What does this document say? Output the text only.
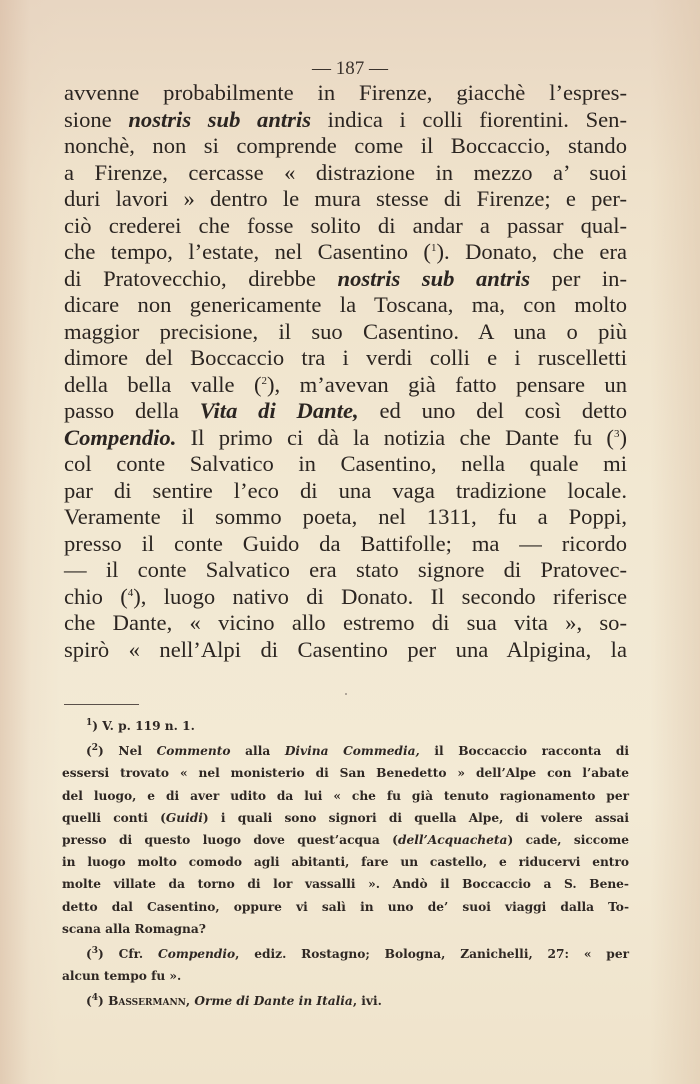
— 187 —
avvenne probabilmente in Firenze, giacchè l’espres-
sione nostris sub antris indica i colli fiorentini. Sen-
nonchè, non si comprende come il Boccaccio, stando
a Firenze, cercasse « distrazione in mezzo a’ suoi
duri lavori » dentro le mura stesse di Firenze; e per-
ciò crederei che fosse solito di andar a passar qual-
che tempo, l’estate, nel Casentino ($^1$). Donato, che era
di Pratovecchio, direbbe nostris sub antris per in-
dicare non genericamente la Toscana, ma, con molto
maggior precisione, il suo Casentino. A una o più
dimore del Boccaccio tra i verdi colli e i ruscelletti
della bella valle ($^2$), m’avevan già fatto pensare un
passo della Vita di Dante, ed uno del così detto
Compendio. Il primo ci dà la notizia che Dante fu ($^3$)
col conte Salvatico in Casentino, nella quale mi
par di sentire l’eco di una vaga tradizione locale.
Veramente il sommo poeta, nel 1311, fu a Poppi,
presso il conte Guido da Battifolle; ma — ricordo
— il conte Salvatico era stato signore di Pratovec-
chio ($^4$), luogo nativo di Donato. Il secondo riferisce
che Dante, « vicino allo estremo di sua vita », so-
spirò « nell’Alpi di Casentino per una Alpigina, la
$^1$) V. p. 119 n. 1.
($^2$) Nel Commento alla Divina Commedia, il Boccaccio racconta di
essersi trovato « nel monisterio di San Benedetto » dell’Alpe con l’abate
del luogo, e di aver udito da lui « che fu già tenuto ragionamento per
quelli conti (Guidi) i quali sono signori di quella Alpe, di volere assai
presso di questo luogo dove quest’acqua (dell’Acquacheta) cade, siccome
in luogo molto comodo agli abitanti, fare un castello, e riducervi entro
molte villate da torno di lor vassalli ». Andò il Boccaccio a S. Bene-
detto dal Casentino, oppure vi salì in uno de’ suoi viaggi dalla To-
scana alla Romagna?
($^3$) Cfr. Compendio, ediz. Rostagno; Bologna, Zanichelli, 27: « per
alcun tempo fu ».
($^4$) Bassermann, Orme di Dante in Italia, ivi.
